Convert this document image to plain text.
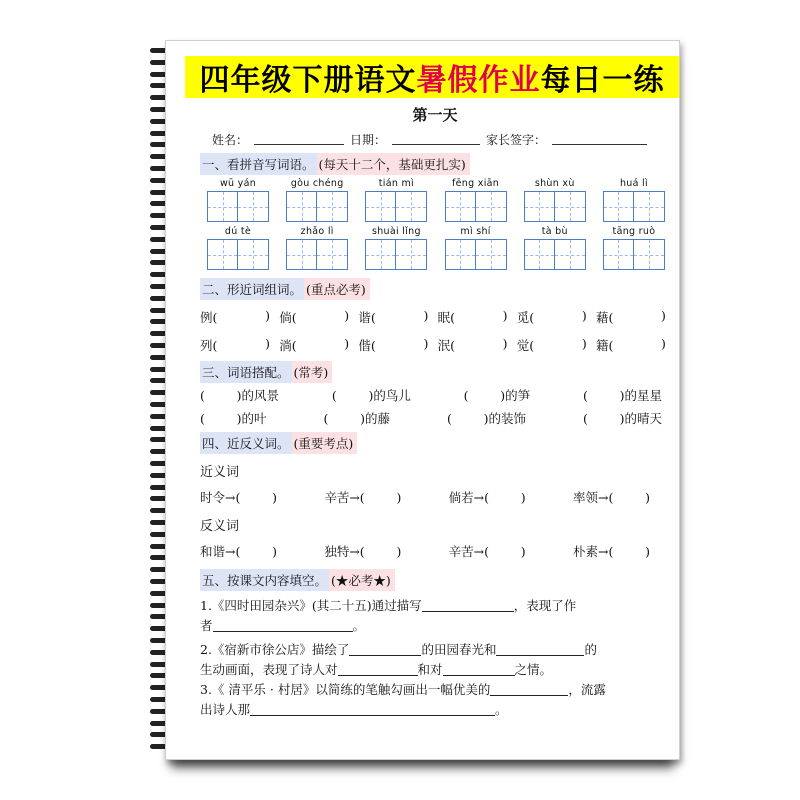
四年级下册语文 暑假作业 每日一练
第一天
姓名：	日期：	家长签字：
一、看拼音写词语。 (每天十二个，基础更扎实)
wū yán	gòu chéng	tián mì	fēng xiān	shùn xù	huá lì
dú tè	zhǎo lì	shuài lǐng	mì shí	tà bù	tāng ruò
二、形近词组词。 (重点必考)
例(	) 倘(	) 谐(	) 眠(	) 觅(	) 藉(	)
列(	) 淌(	) 偕(	) 泯(	) 觉(	) 籍(	)
三、词语搭配。 (常考)
(        )的风景	(        )的鸟儿	(        )的笋	(        )的星星
(        )的叶	(        )的藤	(        )的装饰	(        )的晴天
四、近反义词。 (重要考点)
近义词
时令→(        )	辛苦→(        )	倘若→(        )	率领→(        )
反义词
和谐→(        )	独特→(        )	辛苦→(        )	朴素→(        )
五、按课文内容填空。 (★必考★)
1.《四时田园杂兴》(其二十五)通过描写	，表现了作
者	。
2.《宿新市徐公店》描绘了	的田园春光和	的
生动画面，表现了诗人对	和对	之情。
3.《 清平乐 · 村居》以简练的笔触勾画出一幅优美的	，流露
出诗人那	。
